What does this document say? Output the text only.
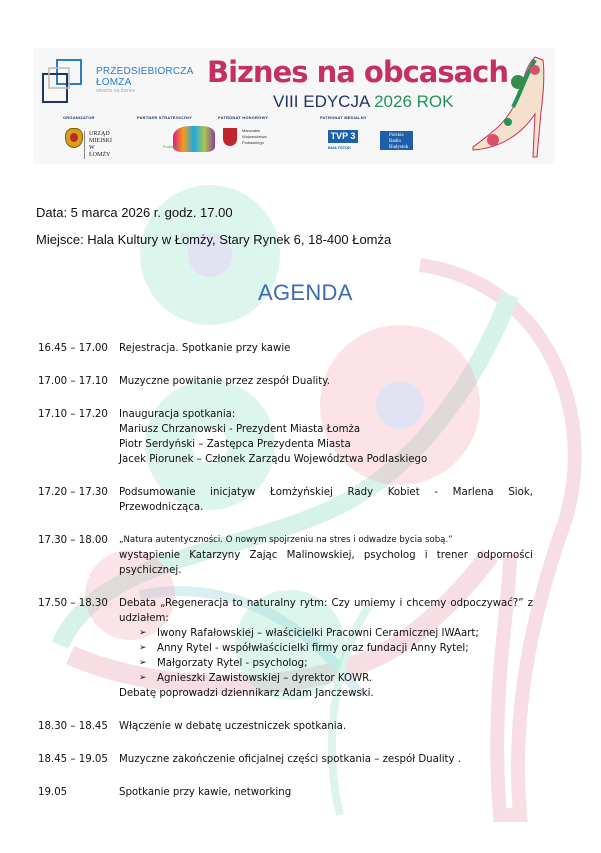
PRZEDSIEBIORCZA
ŁOMZA
otwarta na biznes
Biznes na obcasach
VIII EDYCJA 2026 ROK
ORGANIZATOR
URZĄD MIEJSKI
W ŁOMŻY
PARTNER STRATEGICZNY
Podlaskie
PATRONAT HONOROWY
Marszałek
Województwa
Podlaskiego
PATRONAT MEDIALNY
TVP 3
BIAŁYSTOK
Polskie
Radio
Białystok
Data: 5 marca 2026 r. godz. 17.00
Miejsce: Hala Kultury w Łomży, Stary Rynek 6, 18-400 Łomża
AGENDA
16.45 – 17.00	Rejestracja. Spotkanie przy kawie
17.00 – 17.10	Muzyczne powitanie przez zespół Duality.
17.10 – 17.20	Inauguracja spotkania:
Mariusz Chrzanowski - Prezydent Miasta Łomża
Piotr Serdyński – Zastępca Prezydenta Miasta
Jacek Piorunek – Członek Zarządu Województwa Podlaskiego
17.20 – 17.30	Podsumowanie inicjatyw Łomżyńskiej Rady Kobiet - Marlena Siok, Przewodnicząca.
17.30 – 18.00	„Natura autentyczności. O nowym spojrzeniu na stres i odwadze bycia sobą.”
wystąpienie Katarzyny Zając Malinowskiej, psycholog i trener odporności psychicznej.
17.50 – 18.30	Debata „Regeneracja to naturalny rytm: Czy umiemy i chcemy odpoczywać?” z udziałem:
➢ Iwony Rafałowskiej – właścicielki Pracowni Ceramicznej IWAart;
➢ Anny Rytel - współwłaścicielki firmy oraz fundacji Anny Rytel;
➢ Małgorzaty Rytel - psycholog;
➢ Agnieszki Zawistowskiej – dyrektor KOWR.
Debatę poprowadzi dziennikarz Adam Janczewski.
18.30 – 18.45	Włączenie w debatę uczestniczek spotkania.
18.45 – 19.05	Muzyczne zakończenie oficjalnej części spotkania – zespół Duality .
19.05	Spotkanie przy kawie, networking
